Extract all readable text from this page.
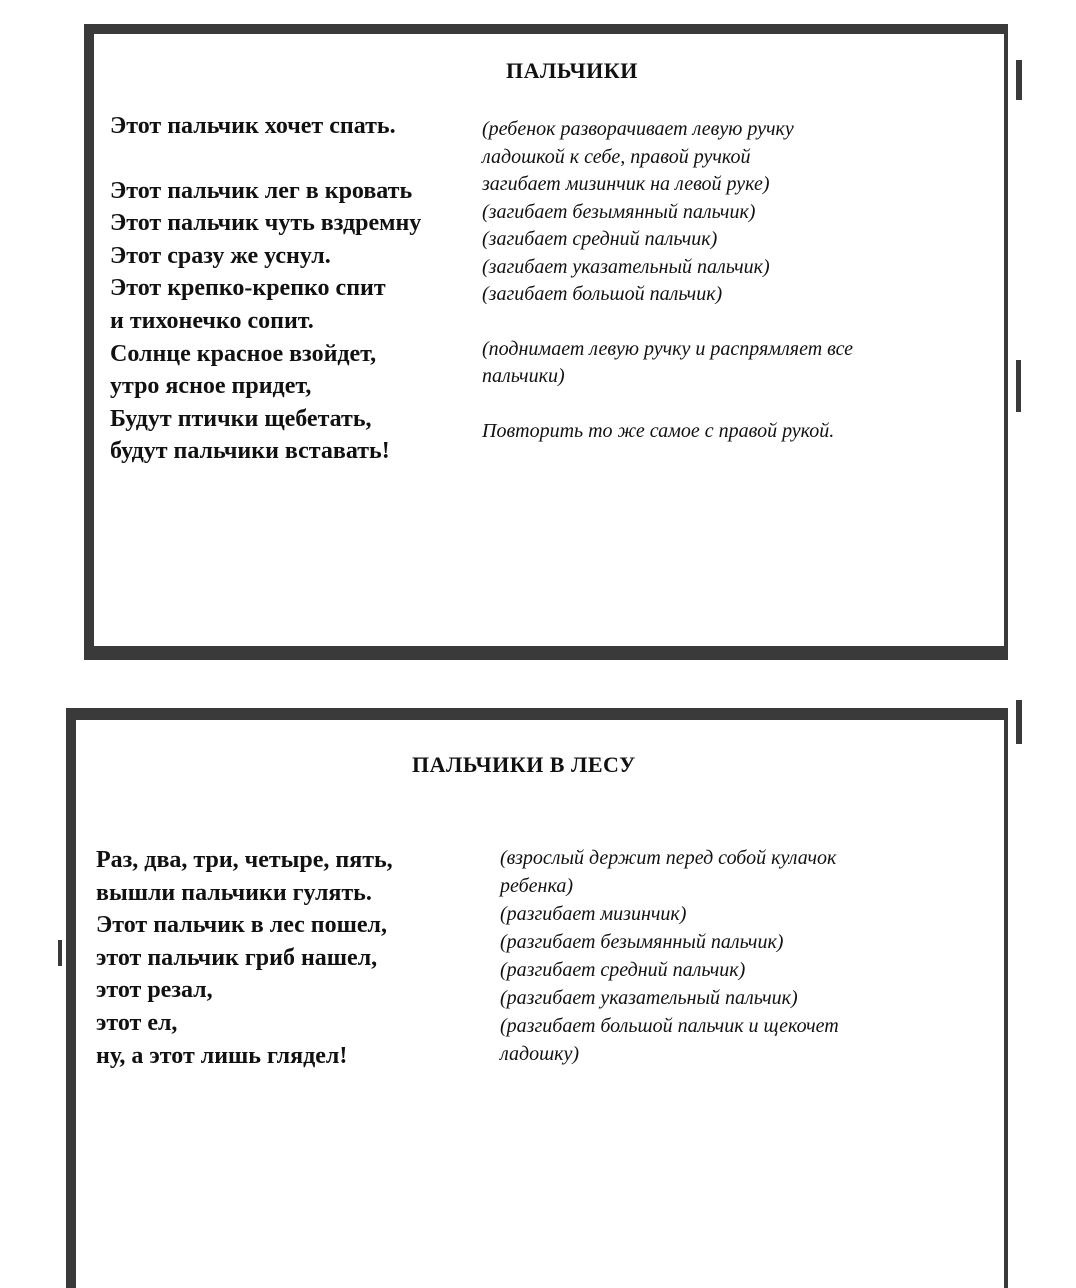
ПАЛЬЧИКИ
Этот пальчик хочет спать.
Этот пальчик лег в кровать
Этот пальчик чуть вздремну
Этот сразу же уснул.
Этот крепко-крепко спит
и тихонечко сопит.
Солнце красное взойдет,
утро ясное придет,
Будут птички щебетать,
будут пальчики вставать!
(ребенок разворачивает левую ручку
ладошкой к себе, правой ручкой
загибает мизинчик на левой руке)
(загибает безымянный пальчик)
(загибает средний пальчик)
(загибает указательный пальчик)
(загибает большой пальчик)
(поднимает левую ручку и распрямляет все
пальчики)
Повторить то же самое с правой рукой.
ПАЛЬЧИКИ В ЛЕСУ
Раз, два, три, четыре, пять,
вышли пальчики гулять.
Этот пальчик в лес пошел,
этот пальчик гриб нашел,
этот резал,
этот ел,
ну, а этот лишь глядел!
(взрослый держит перед собой кулачок
ребенка)
(разгибает мизинчик)
(разгибает безымянный пальчик)
(разгибает средний пальчик)
(разгибает указательный пальчик)
(разгибает большой пальчик и щекочет
ладошку)
